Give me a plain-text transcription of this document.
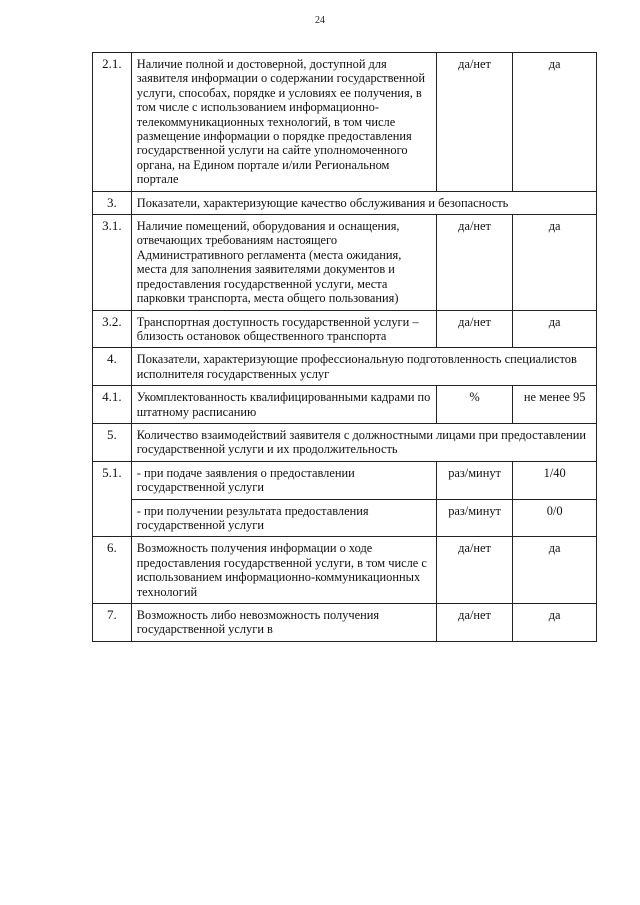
24
2.1.	Наличие полной и достоверной, доступной для заявителя информации о содержании государственной услуги, способах, порядке и условиях ее получения, в том числе с использованием информационно-телекоммуникационных технологий, в том числе размещение информации о порядке предоставления государственной услуги на сайте уполномоченного органа, на Едином портале и/или Региональном портале	да/нет	да
3.	Показатели, характеризующие качество обслуживания и безопасность		
3.1.	Наличие помещений, оборудования и оснащения, отвечающих требованиям настоящего Административного регламента (места ожидания, места для заполнения заявителями документов и предоставления государственной услуги, места парковки транспорта, места общего пользования)	да/нет	да
3.2.	Транспортная доступность государственной услуги – близость остановок общественного транспорта	да/нет	да
4.	Показатели, характеризующие профессиональную подготовленность специалистов исполнителя государственных услуг		
4.1.	Укомплектованность квалифицированными кадрами по штатному расписанию	%	не менее 95
5.	Количество взаимодействий заявителя с должностными лицами при предоставлении государственной услуги и их продолжительность		
5.1.	- при подаче заявления о предоставлении государственной услуги	раз/минут	1/40
	- при получении результата предоставления государственной услуги	раз/минут	0/0
6.	Возможность получения информации о ходе предоставления государственной услуги, в том числе с использованием информационно-коммуникационных технологий	да/нет	да
7.	Возможность либо невозможность получения государственной услуги в	да/нет	да
